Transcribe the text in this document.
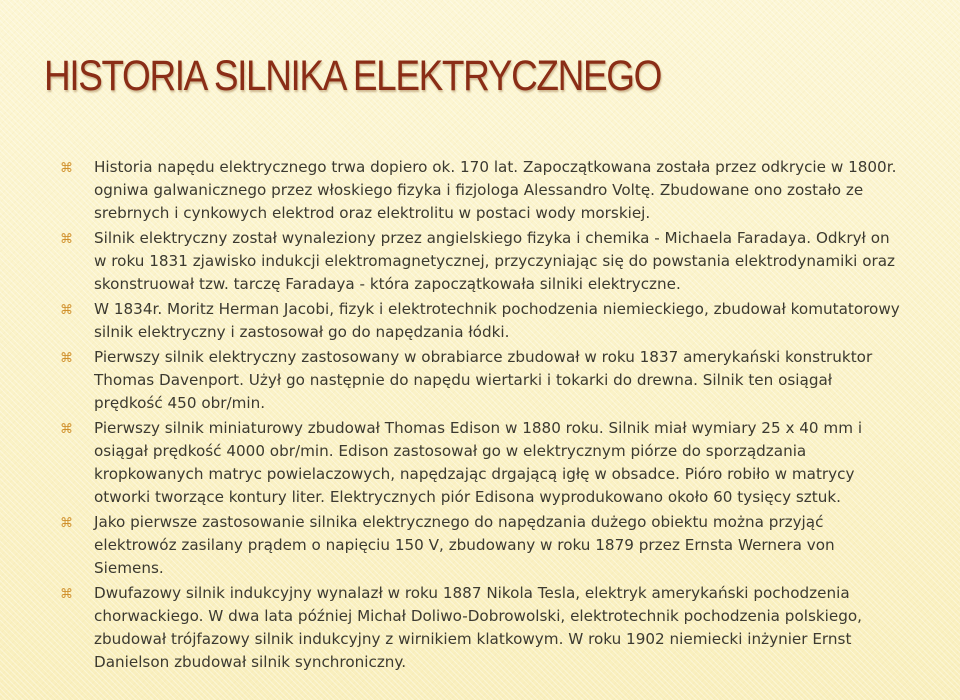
HISTORIA SILNIKA ELEKTRYCZNEGO
⌘ Historia napędu elektrycznego trwa dopiero ok. 170 lat. Zapoczątkowana została przez odkrycie w 1800r. ogniwa galwanicznego przez włoskiego fizyka i fizjologa Alessandro Voltę. Zbudowane ono zostało ze srebrnych i cynkowych elektrod oraz elektrolitu w postaci wody morskiej.
⌘ Silnik elektryczny został wynaleziony przez angielskiego fizyka i chemika - Michaela Faradaya. Odkrył on w roku 1831 zjawisko indukcji elektromagnetycznej, przyczyniając się do powstania elektrodynamiki oraz skonstruował tzw. tarczę Faradaya - która zapoczątkowała silniki elektryczne.
⌘ W 1834r. Moritz Herman Jacobi, fizyk i elektrotechnik pochodzenia niemieckiego, zbudował komutatorowy silnik elektryczny i zastosował go do napędzania łódki.
⌘ Pierwszy silnik elektryczny zastosowany w obrabiarce zbudował w roku 1837 amerykański konstruktor Thomas Davenport. Użył go następnie do napędu wiertarki i tokarki do drewna. Silnik ten osiągał prędkość 450 obr/min.
⌘ Pierwszy silnik miniaturowy zbudował Thomas Edison w 1880 roku. Silnik miał wymiary 25 x 40 mm i osiągał prędkość 4000 obr/min. Edison zastosował go w elektrycznym piórze do sporządzania kropkowanych matryc powielaczowych, napędzając drgającą igłę w obsadce. Pióro robiło w matrycy otworki tworzące kontury liter. Elektrycznych piór Edisona wyprodukowano około 60 tysięcy sztuk.
⌘ Jako pierwsze zastosowanie silnika elektrycznego do napędzania dużego obiektu można przyjąć elektrowóz zasilany prądem o napięciu 150 V, zbudowany w roku 1879 przez Ernsta Wernera von Siemens.
⌘ Dwufazowy silnik indukcyjny wynalazł w roku 1887 Nikola Tesla, elektryk amerykański pochodzenia chorwackiego. W dwa lata później Michał Doliwo-Dobrowolski, elektrotechnik pochodzenia polskiego, zbudował trójfazowy silnik indukcyjny z wirnikiem klatkowym. W roku 1902 niemiecki inżynier Ernst Danielson zbudował silnik synchroniczny.
